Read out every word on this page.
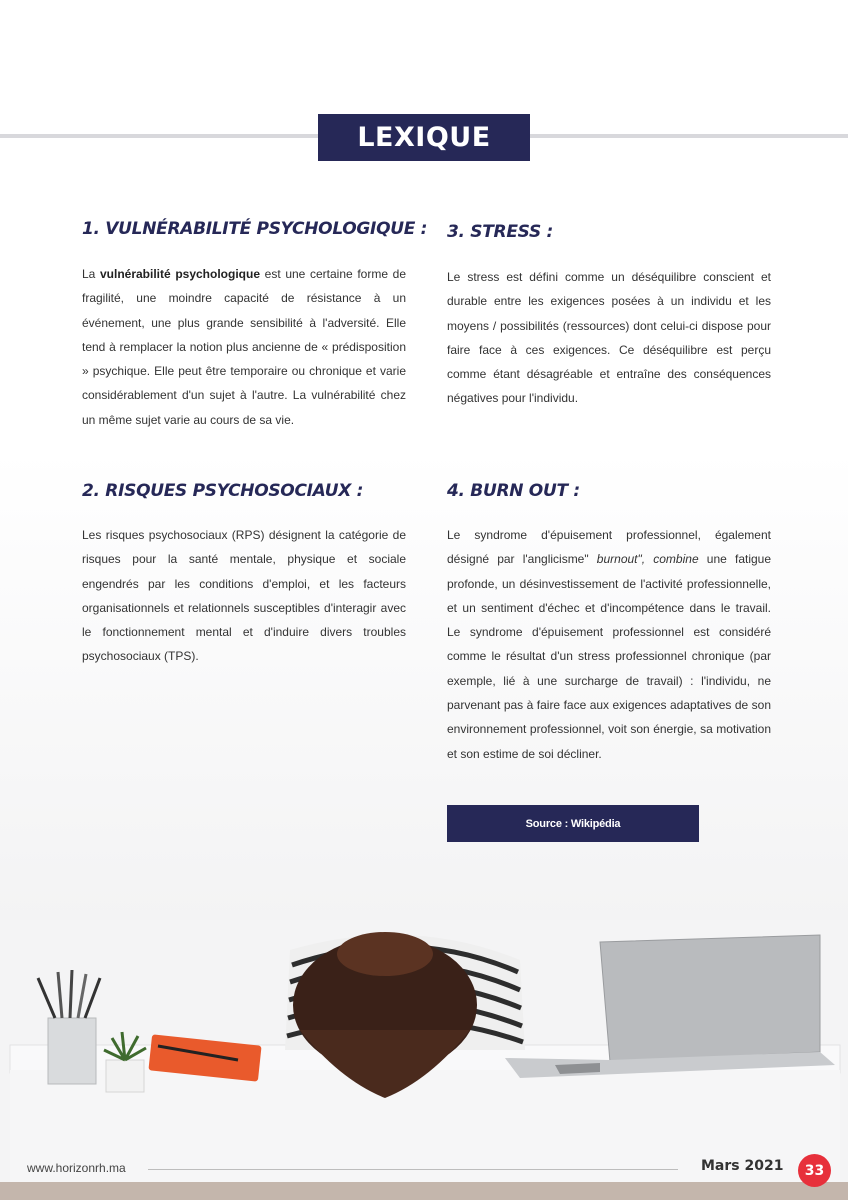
LEXIQUE
1. VULNÉRABILITÉ PSYCHOLOGIQUE :
La vulnérabilité psychologique est une certaine forme de fragilité, une moindre capacité de résistance à un événement, une plus grande sensibilité à l'adversité. Elle tend à remplacer la notion plus ancienne de « prédisposition » psychique. Elle peut être temporaire ou chronique et varie considérablement d'un sujet à l'autre. La vulnérabilité chez un même sujet varie au cours de sa vie.
3. STRESS :
Le stress est défini comme un déséquilibre conscient et durable entre les exigences posées à un individu et les moyens / possibilités (ressources) dont celui-ci dispose pour faire face à ces exigences. Ce déséquilibre est perçu comme étant désagréable et entraîne des conséquences négatives pour l'individu.
2. RISQUES PSYCHOSOCIAUX :
Les risques psychosociaux (RPS) désignent la catégorie de risques pour la santé mentale, physique et sociale engendrés par les conditions d'emploi, et les facteurs organisationnels et relationnels susceptibles d'interagir avec le fonctionnement mental et d'induire divers troubles psychosociaux (TPS).
4. BURN OUT :
Le syndrome d'épuisement professionnel, également désigné par l'anglicisme" burnout", combine une fatigue profonde, un désinvestissement de l'activité professionnelle, et un sentiment d'échec et d'incompétence dans le travail. Le syndrome d'épuisement professionnel est considéré comme le résultat d'un stress professionnel chronique (par exemple, lié à une surcharge de travail) : l'individu, ne parvenant pas à faire face aux exigences adaptatives de son environnement professionnel, voit son énergie, sa motivation et son estime de soi décliner.
Source : Wikipédia
www.horizonrh.ma	Mars 2021	33
